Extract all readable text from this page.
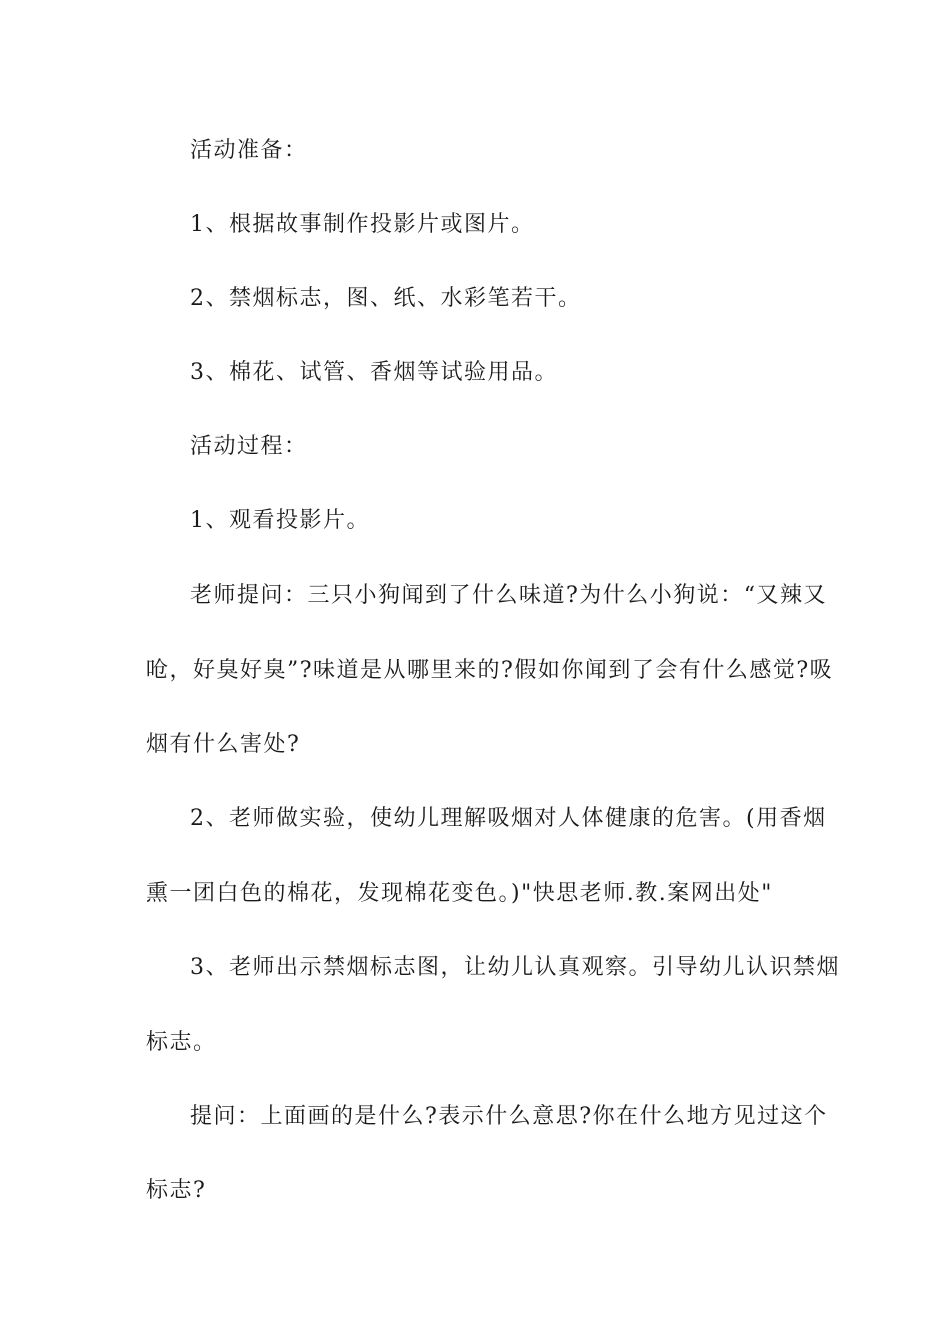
活动准备：
1、根据故事制作投影片或图片。
2、禁烟标志，图、纸、水彩笔若干。
3、棉花、试管、香烟等试验用品。
活动过程：
1、观看投影片。
老师提问：三只小狗闻到了什么味道?为什么小狗说：“又辣又
呛，好臭好臭”?味道是从哪里来的?假如你闻到了会有什么感觉?吸
烟有什么害处?
2、老师做实验，使幼儿理解吸烟对人体健康的危害。(用香烟
熏一团白色的棉花，发现棉花变色。)"快思老师.教.案网出处"
3、老师出示禁烟标志图，让幼儿认真观察。引导幼儿认识禁烟
标志。
提问：上面画的是什么?表示什么意思?你在什么地方见过这个
标志?
